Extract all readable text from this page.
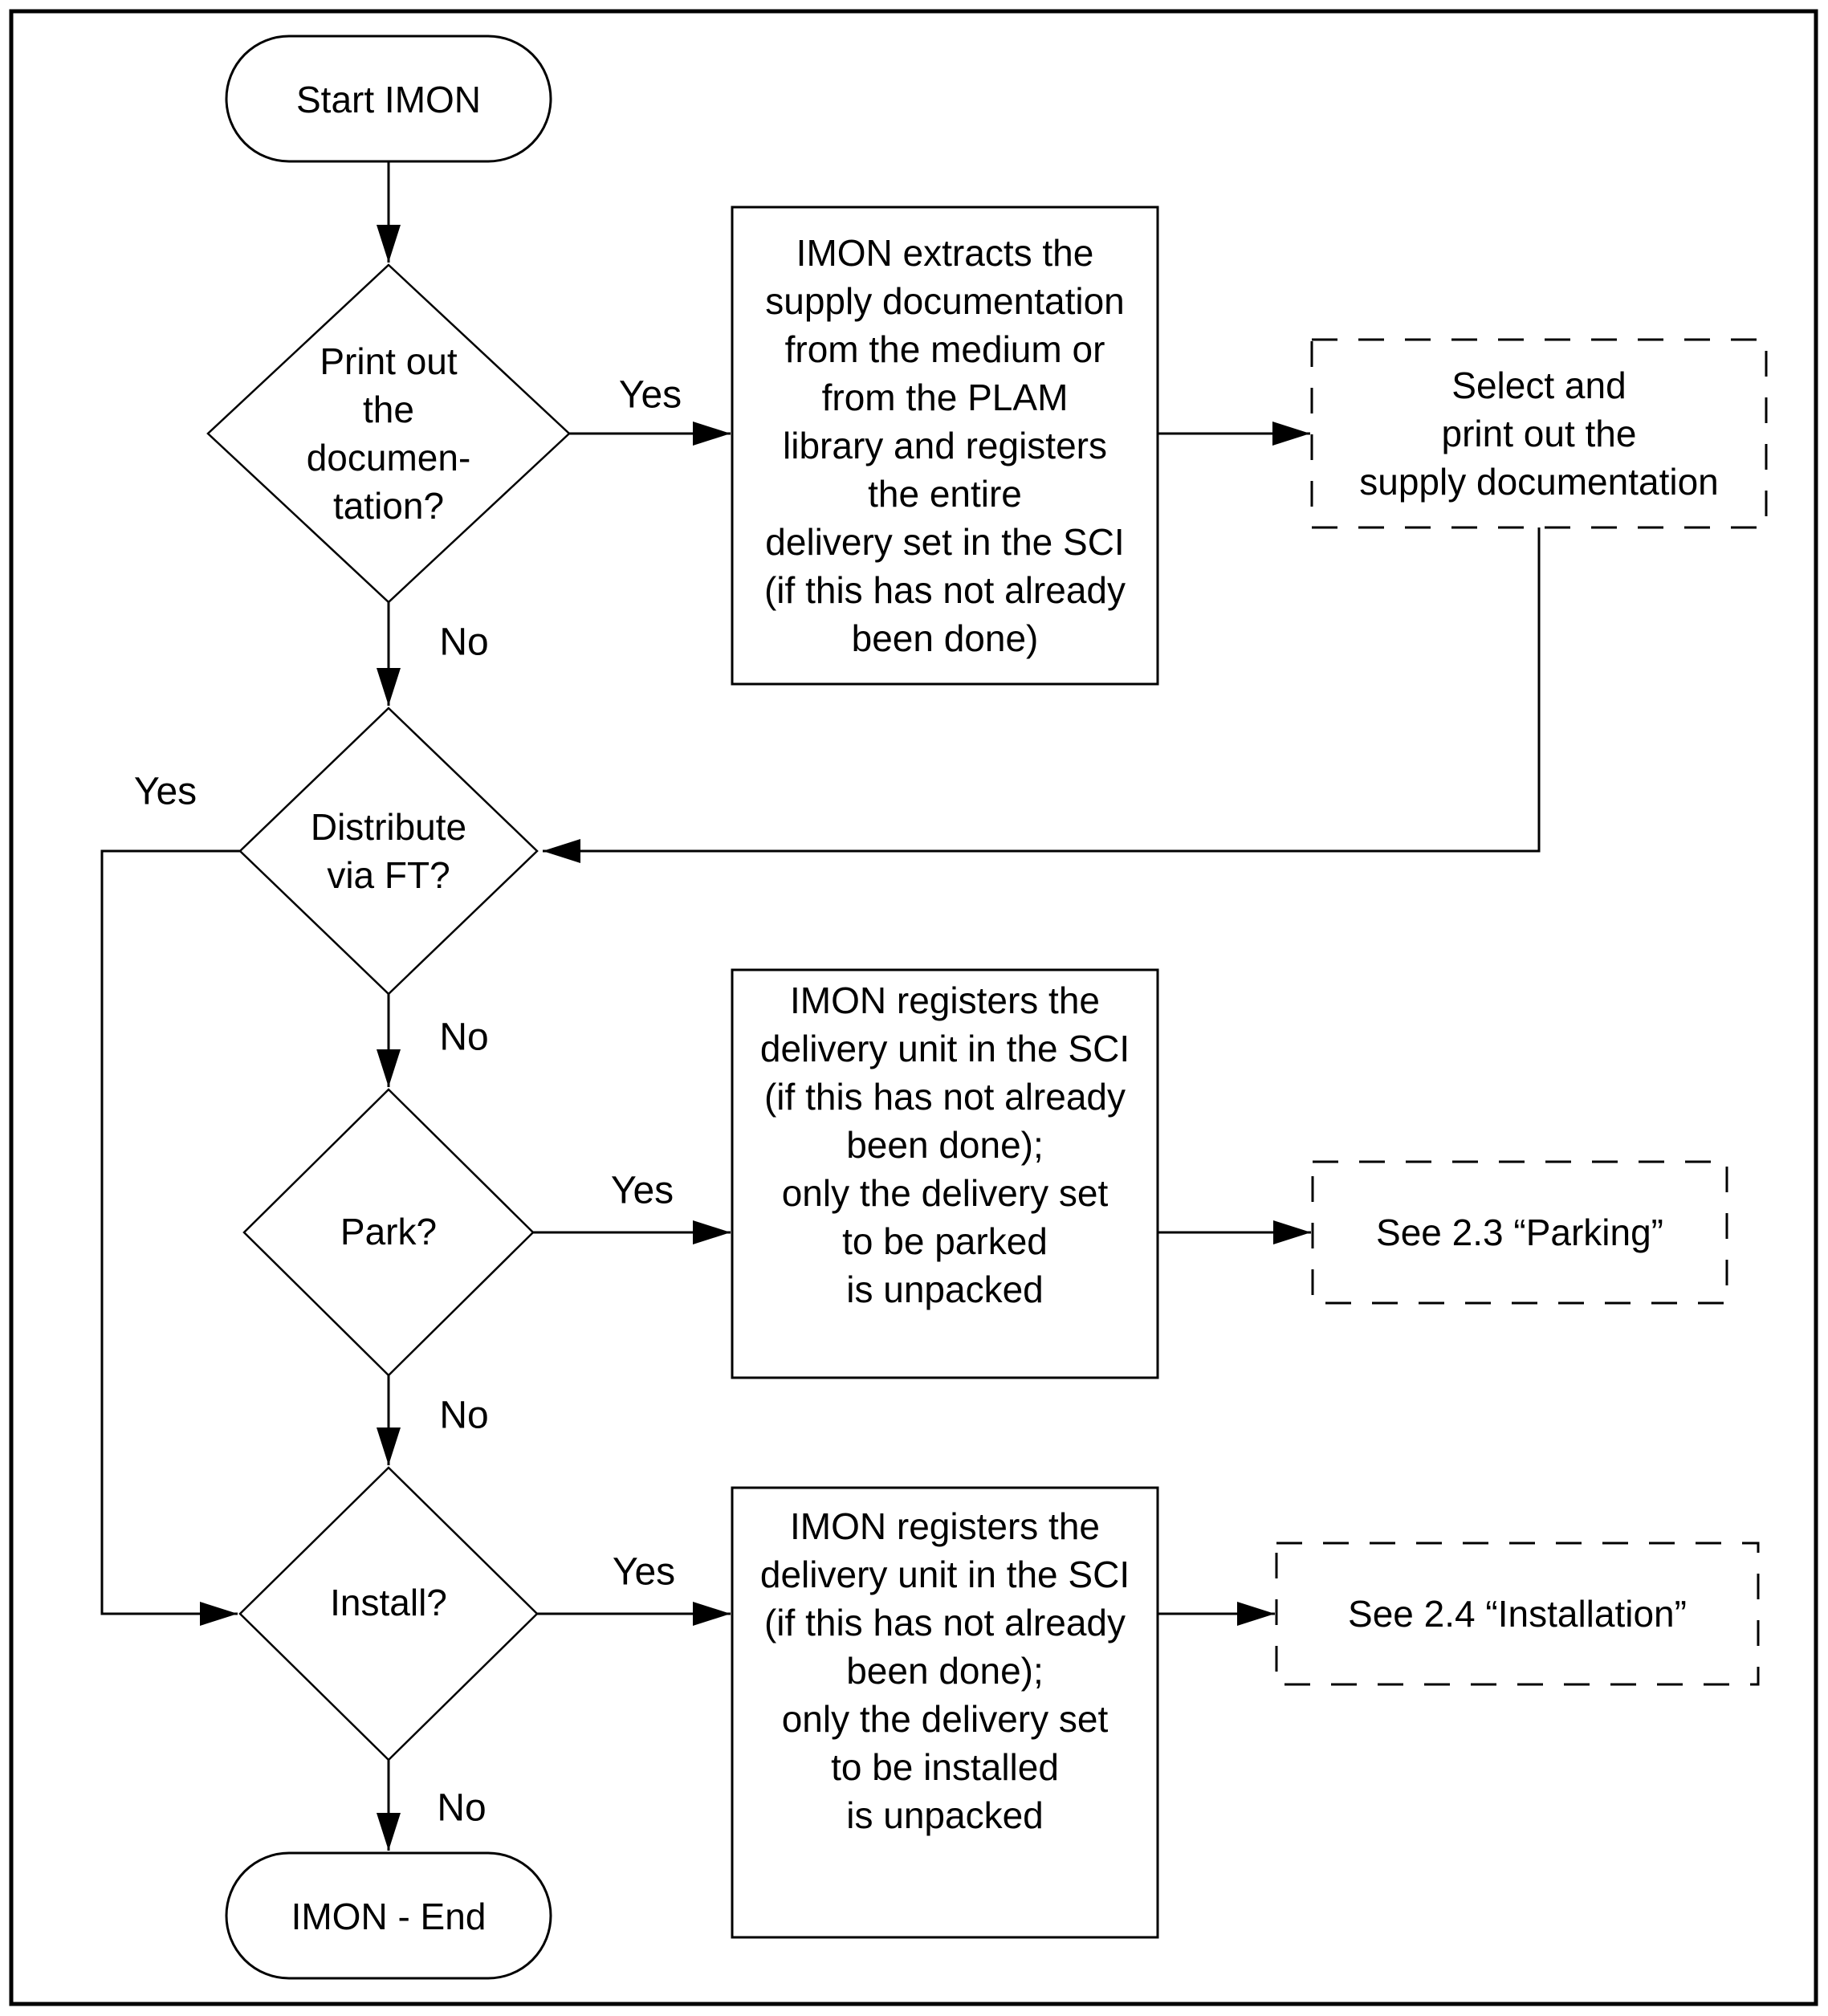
Start IMON
Print out
the
documen-
tation?
Yes
IMON extracts the
supply documentation
from the medium or
from the PLAM
library and registers
the entire
delivery set in the SCI
(if this has not already
been done)
Select and
print out the
supply documentation
No
Distribute
via FT?
Yes
No
Park?
Yes
IMON registers the
delivery unit in the SCI
(if this has not already
been done);
only the delivery set
to be parked
is unpacked
See 2.3 “Parking”
No
Install?
Yes
IMON registers the
delivery unit in the SCI
(if this has not already
been done);
only the delivery set
to be installed
is unpacked
See 2.4 “Installation”
No
IMON - End
